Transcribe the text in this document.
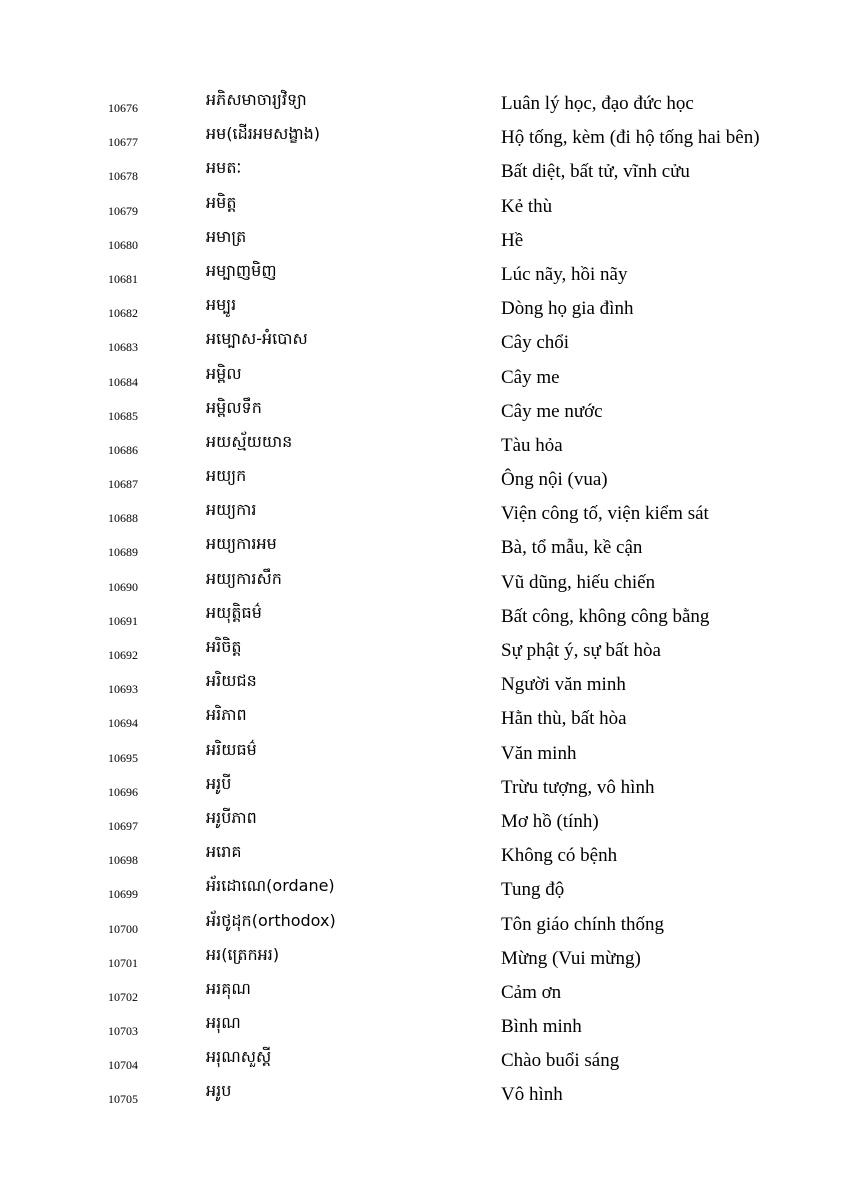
10676	អភិសមាចារ្យវិទ្យា	Luân lý học, đạo đức học
10677	អម(ដើរអមសង្ខាង)	Hộ tống, kèm (đi hộ tống hai bên)
10678	អមតៈ	Bất diệt, bất tử, vĩnh cửu
10679	អមិត្ត	Kẻ thù
10680	អមាត្រ	Hề
10681	អម្បាញមិញ	Lúc nãy, hồi nãy
10682	អម្បូរ	Dòng họ gia đình
10683	អម្បោស-អំបោស	Cây chổi
10684	អម្ពិល	Cây me
10685	អម្ពិលទឹក	Cây me nước
10686	អយស្ម័យយាន	Tàu hỏa
10687	អយ្យក	Ông nội (vua)
10688	អយ្យការ	Viện công tố, viện kiểm sát
10689	អយ្យការអម	Bà, tổ mẫu, kề cận
10690	អយ្យការសឹក	Vũ dũng, hiếu chiến
10691	អយុត្តិធម៌	Bất công, không công bằng
10692	អរិចិត្ត	Sự phật ý, sự bất hòa
10693	អរិយជន	Người văn minh
10694	អរិភាព	Hằn thù, bất hòa
10695	អរិយធម៌	Văn minh
10696	អរូបី	Trừu tượng, vô hình
10697	អរូបីភាព	Mơ hồ (tính)
10698	អរោគ	Không có bệnh
10699	អ័រដោណេ(ordane)	Tung độ
10700	អ័រថូដុក(orthodox)	Tôn giáo chính thống
10701	អរ(ត្រេកអរ)	Mừng (Vui mừng)
10702	អរគុណ	Cảm ơn
10703	អរុណ	Bình minh
10704	អរុណសួស្តី	Chào buổi sáng
10705	អរូប	Vô hình
